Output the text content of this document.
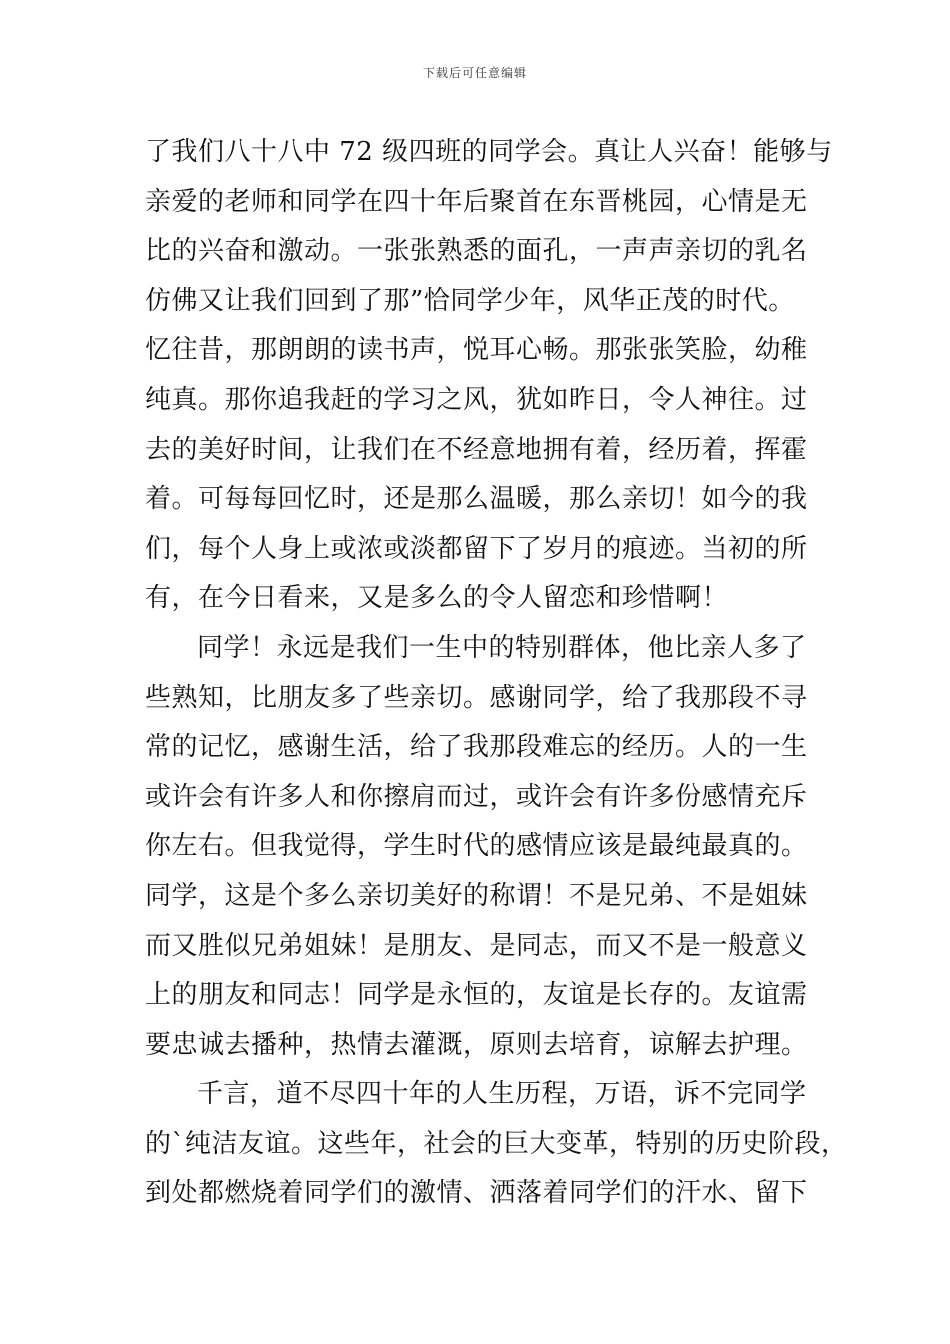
下载后可任意编辑
了我们八十八中 72 级四班的同学会。真让人兴奋！能够与
亲爱的老师和同学在四十年后聚首在东晋桃园，心情是无
比的兴奋和激动。一张张熟悉的面孔，一声声亲切的乳名
仿佛又让我们回到了那”恰同学少年，风华正茂的时代。
忆往昔，那朗朗的读书声，悦耳心畅。那张张笑脸，幼稚
纯真。那你追我赶的学习之风，犹如昨日，令人神往。过
去的美好时间，让我们在不经意地拥有着，经历着，挥霍
着。可每每回忆时，还是那么温暖，那么亲切！如今的我
们，每个人身上或浓或淡都留下了岁月的痕迹。当初的所
有，在今日看来，又是多么的令人留恋和珍惜啊！
同学！永远是我们一生中的特别群体，他比亲人多了
些熟知，比朋友多了些亲切。感谢同学，给了我那段不寻
常的记忆，感谢生活，给了我那段难忘的经历。人的一生
或许会有许多人和你擦肩而过，或许会有许多份感情充斥
你左右。但我觉得，学生时代的感情应该是最纯最真的。
同学，这是个多么亲切美好的称谓！不是兄弟、不是姐妹
而又胜似兄弟姐妹！是朋友、是同志，而又不是一般意义
上的朋友和同志！同学是永恒的，友谊是长存的。友谊需
要忠诚去播种，热情去灌溉，原则去培育，谅解去护理。
千言，道不尽四十年的人生历程，万语，诉不完同学
的`纯洁友谊。这些年，社会的巨大变革，特别的历史阶段，
到处都燃烧着同学们的激情、洒落着同学们的汗水、留下
